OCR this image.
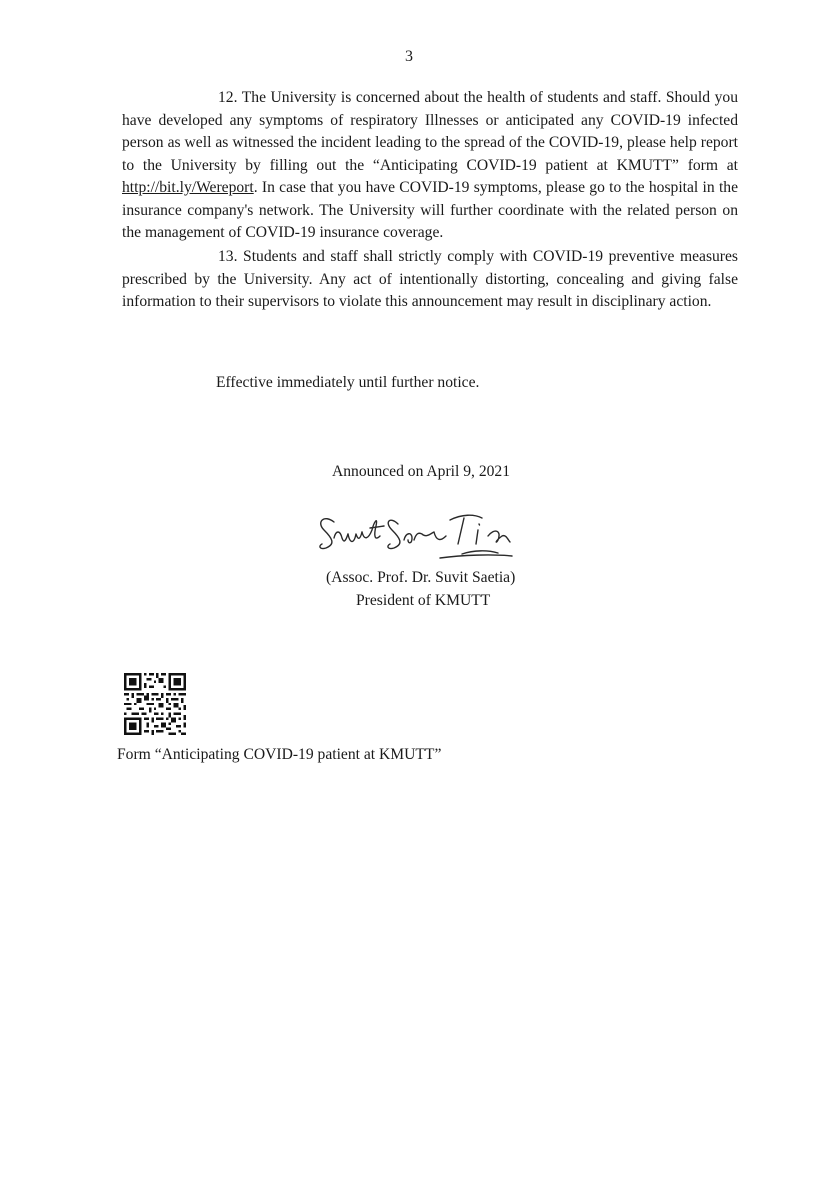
3

12. The University is concerned about the health of students and staff. Should you have developed any symptoms of respiratory Illnesses or anticipated any COVID-19 infected person as well as witnessed the incident leading to the spread of the COVID-19, please help report to the University by filling out the “Anticipating COVID-19 patient at KMUTT” form at http://bit.ly/Wereport. In case that you have COVID-19 symptoms, please go to the hospital in the insurance company's network. The University will further coordinate with the related person on the management of COVID-19 insurance coverage.

13. Students and staff shall strictly comply with COVID-19 preventive measures prescribed by the University. Any act of intentionally distorting, concealing and giving false information to their supervisors to violate this announcement may result in disciplinary action.

Effective immediately until further notice.
Announced on April 9, 2021
(Assoc. Prof. Dr. Suvit Saetia)
President of KMUTT
Form “Anticipating COVID-19 patient at KMUTT”
